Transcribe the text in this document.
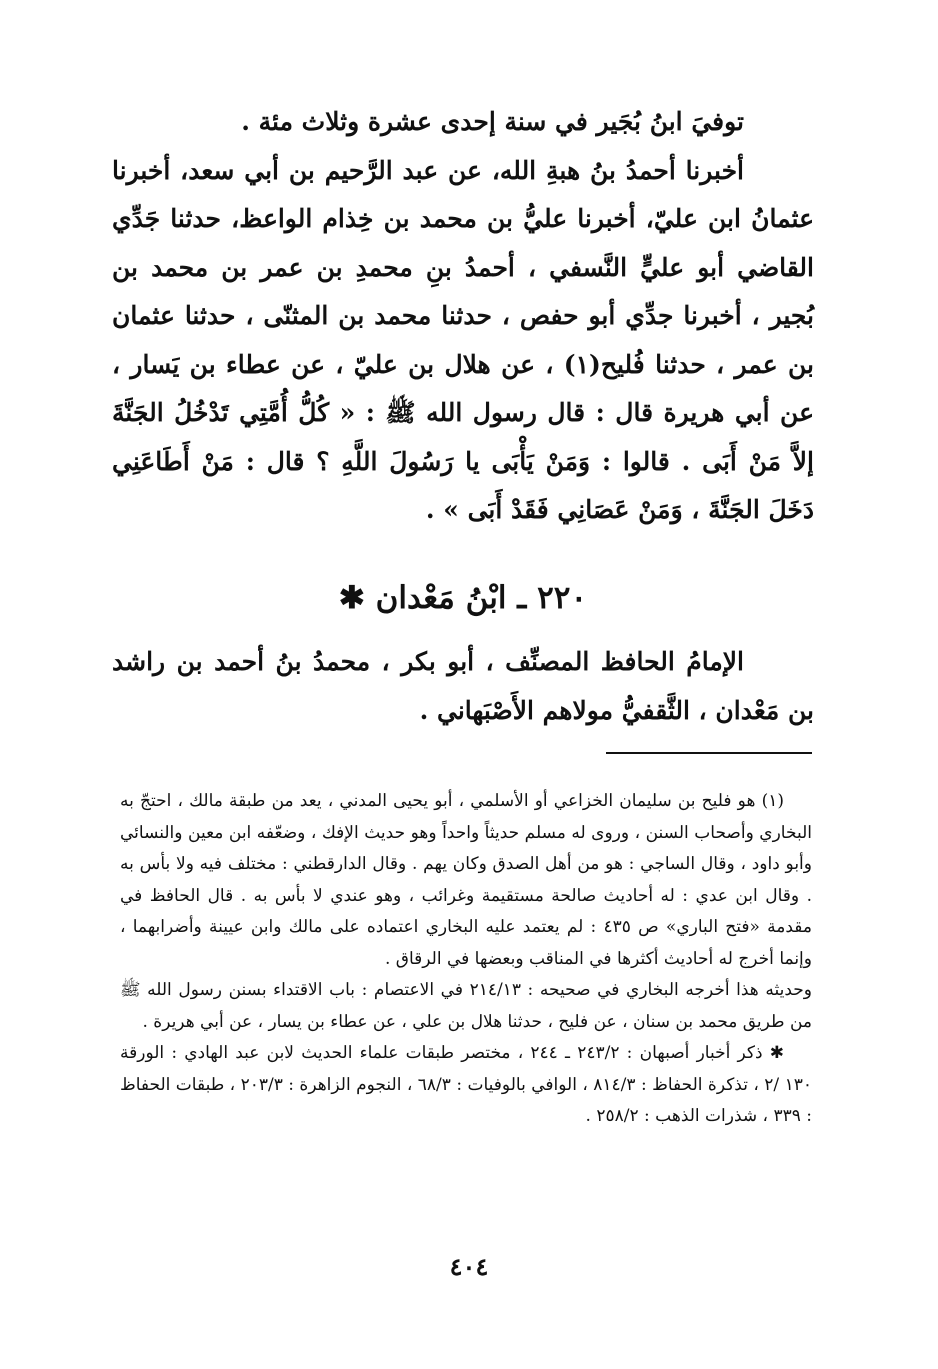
توفيَ ابنُ بُجَير في سنة إحدى عشرة وثلاث مئة .

أخبرنا أحمدُ بنُ هبةِ الله، عن عبد الرَّحيم بن أبي سعد، أخبرنا عثمانُ ابن عليّ، أخبرنا عليُّ بن محمد بن خِذام الواعظ، حدثنا جَدِّي القاضي أبو عليٍّ النَّسفي ، أحمدُ بنِ محمدِ بن عمر بن محمد بن بُجير ، أخبرنا جدِّي أبو حفص ، حدثنا محمد بن المثنّى ، حدثنا عثمان بن عمر ، حدثنا فُليح(١) ، عن هلال بن عليّ ، عن عطاء بن يَسار ، عن أبي هريرة قال : قال رسول الله ﷺ : « كُلُّ أُمَّتِي تَدْخُلُ الجَنَّةَ إلاَّ مَنْ أَبَى . قالوا : وَمَنْ يَأْبَى يا رَسُولَ اللَّهِ ؟ قال : مَنْ أَطَاعَنِي دَخَلَ الجَنَّةَ ، وَمَنْ عَصَانِي فَقَدْ أَبَى » .

٢٢٠ ـ ابْنُ مَعْدان ✱

الإمامُ الحافظ المصنِّف ، أبو بكر ، محمدُ بنُ أحمد بن راشد بن مَعْدان ، الثَّقفيُّ مولاهم الأَصْبَهاني .

(١) هو فليح بن سليمان الخزاعي أو الأسلمي ، أبو يحيى المدني ، يعد من طبقة مالك ، احتجّ به البخاري وأصحاب السنن ، وروى له مسلم حديثاً واحداً وهو حديث الإفك ، وضعّفه ابن معين والنسائي وأبو داود ، وقال الساجي : هو من أهل الصدق وكان يهم . وقال الدارقطني : مختلف فيه ولا بأس به . وقال ابن عدي : له أحاديث صالحة مستقيمة وغرائب ، وهو عندي لا بأس به . قال الحافظ في مقدمة «فتح الباري» ص ٤٣٥ : لم يعتمد عليه البخاري اعتماده على مالك وابن عيينة وأضرابهما ، وإنما أخرج له أحاديث أكثرها في المناقب وبعضها في الرقاق .

وحديثه هذا أخرجه البخاري في صحيحه : ٢١٤/١٣ في الاعتصام : باب الاقتداء بسنن رسول الله ﷺ من طريق محمد بن سنان ، عن فليح ، حدثنا هلال بن علي ، عن عطاء بن يسار ، عن أبي هريرة .

✱ ذكر أخبار أصبهان : ٢٤٣/٢ ـ ٢٤٤ ، مختصر طبقات علماء الحديث لابن عبد الهادي : الورقة ١٣٠ /٢ ، تذكرة الحفاظ : ٨١٤/٣ ، الوافي بالوفيات : ٦٨/٣ ، النجوم الزاهرة : ٢٠٣/٣ ، طبقات الحفاظ : ٣٣٩ ، شذرات الذهب : ٢٥٨/٢ .

٤٠٤
